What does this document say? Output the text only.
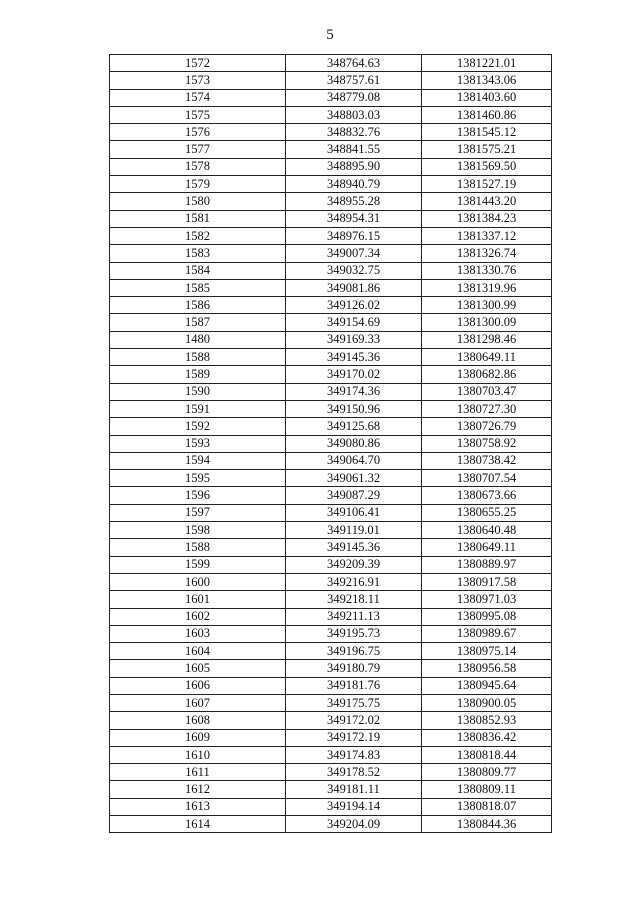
5
1572	348764.63	1381221.01
1573	348757.61	1381343.06
1574	348779.08	1381403.60
1575	348803.03	1381460.86
1576	348832.76	1381545.12
1577	348841.55	1381575.21
1578	348895.90	1381569.50
1579	348940.79	1381527.19
1580	348955.28	1381443.20
1581	348954.31	1381384.23
1582	348976.15	1381337.12
1583	349007.34	1381326.74
1584	349032.75	1381330.76
1585	349081.86	1381319.96
1586	349126.02	1381300.99
1587	349154.69	1381300.09
1480	349169.33	1381298.46
1588	349145.36	1380649.11
1589	349170.02	1380682.86
1590	349174.36	1380703.47
1591	349150.96	1380727.30
1592	349125.68	1380726.79
1593	349080.86	1380758.92
1594	349064.70	1380738.42
1595	349061.32	1380707.54
1596	349087.29	1380673.66
1597	349106.41	1380655.25
1598	349119.01	1380640.48
1588	349145.36	1380649.11
1599	349209.39	1380889.97
1600	349216.91	1380917.58
1601	349218.11	1380971.03
1602	349211.13	1380995.08
1603	349195.73	1380989.67
1604	349196.75	1380975.14
1605	349180.79	1380956.58
1606	349181.76	1380945.64
1607	349175.75	1380900.05
1608	349172.02	1380852.93
1609	349172.19	1380836.42
1610	349174.83	1380818.44
1611	349178.52	1380809.77
1612	349181.11	1380809.11
1613	349194.14	1380818.07
1614	349204.09	1380844.36
